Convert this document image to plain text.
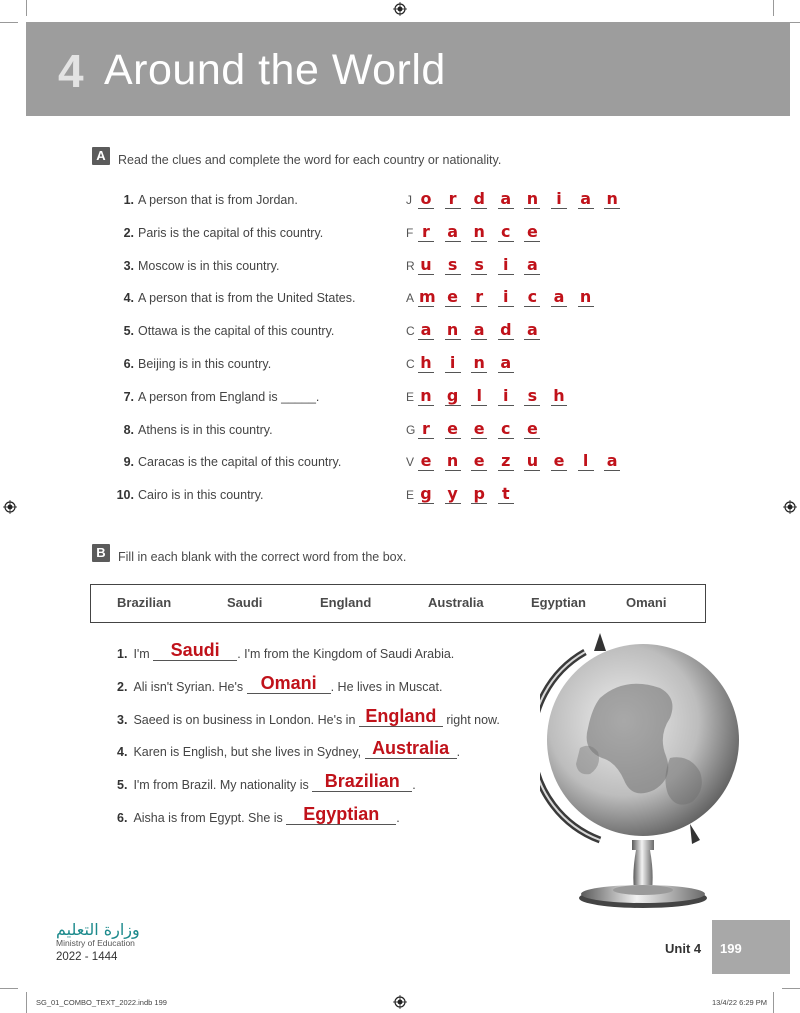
4 Around the World
A Read the clues and complete the word for each country or nationality.
1. A person that is from Jordan.	J o r d a n i a n
2. Paris is the capital of this country.	F r a n c e
3. Moscow is in this country.	R u s s i a
4. A person that is from the United States.	A m e r i c a n
5. Ottawa is the capital of this country.	C a n a d a
6. Beijing is in this country.	C h i n a
7. A person from England is _____.	E n g l i s h
8. Athens is in this country.	G r e e c e
9. Caracas is the capital of this country.	V e n e z u e l a
10. Cairo is in this country.	E g y p t
B Fill in each blank with the correct word from the box.
Brazilian	Saudi	England	Australia	Egyptian	Omani
1. I'm Saudi . I'm from the Kingdom of Saudi Arabia.
2. Ali isn't Syrian. He's Omani . He lives in Muscat.
3. Saeed is on business in London. He's in England right now.
4. Karen is English, but she lives in Sydney, Australia .
5. I'm from Brazil. My nationality is Brazilian .
6. Aisha is from Egypt. She is Egyptian .
وزارة التعليم
Ministry of Education
2022 - 1444
Unit 4 199
SG_01_COMBO_TEXT_2022.indb 199	13/4/22 6:29 PM
